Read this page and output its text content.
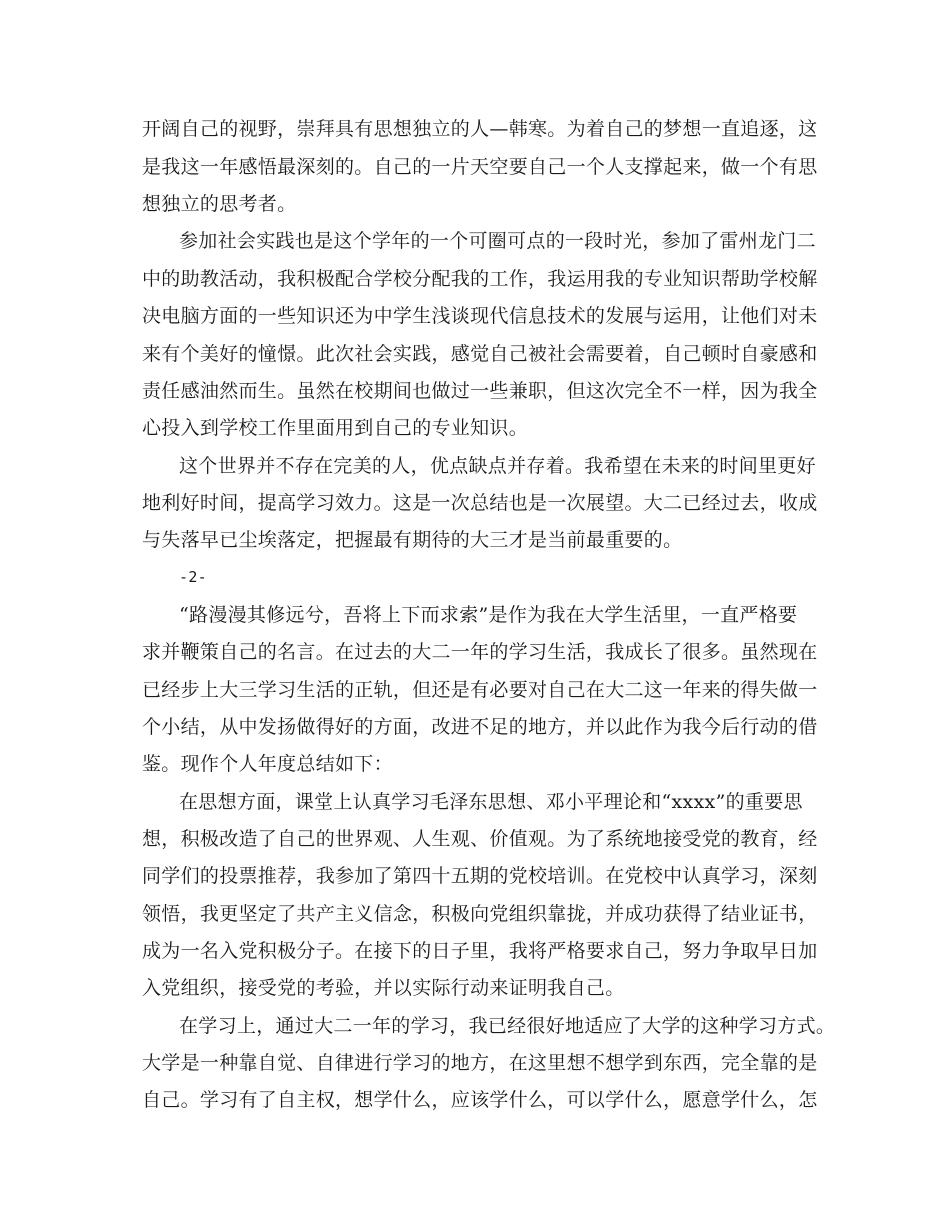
开阔自己的视野，崇拜具有思想独立的人—韩寒。为着自己的梦想一直追逐，这
是我这一年感悟最深刻的。自己的一片天空要自己一个人支撑起来，做一个有思
想独立的思考者。
参加社会实践也是这个学年的一个可圈可点的一段时光，参加了雷州龙门二
中的助教活动，我积极配合学校分配我的工作，我运用我的专业知识帮助学校解
决电脑方面的一些知识还为中学生浅谈现代信息技术的发展与运用，让他们对未
来有个美好的憧憬。此次社会实践，感觉自己被社会需要着，自己顿时自豪感和
责任感油然而生。虽然在校期间也做过一些兼职，但这次完全不一样，因为我全
心投入到学校工作里面用到自己的专业知识。
这个世界并不存在完美的人，优点缺点并存着。我希望在未来的时间里更好
地利好时间，提高学习效力。这是一次总结也是一次展望。大二已经过去，收成
与失落早已尘埃落定，把握最有期待的大三才是当前最重要的。
-2-
“路漫漫其修远兮，吾将上下而求索”是作为我在大学生活里，一直严格要
求并鞭策自己的名言。在过去的大二一年的学习生活，我成长了很多。虽然现在
已经步上大三学习生活的正轨，但还是有必要对自己在大二这一年来的得失做一
个小结，从中发扬做得好的方面，改进不足的地方，并以此作为我今后行动的借
鉴。现作个人年度总结如下：
在思想方面，课堂上认真学习毛泽东思想、邓小平理论和“xxxx”的重要思
想，积极改造了自己的世界观、人生观、价值观。为了系统地接受党的教育，经
同学们的投票推荐，我参加了第四十五期的党校培训。在党校中认真学习，深刻
领悟，我更坚定了共产主义信念，积极向党组织靠拢，并成功获得了结业证书，
成为一名入党积极分子。在接下的日子里，我将严格要求自己，努力争取早日加
入党组织，接受党的考验，并以实际行动来证明我自己。
在学习上，通过大二一年的学习，我已经很好地适应了大学的这种学习方式。
大学是一种靠自觉、自律进行学习的地方，在这里想不想学到东西，完全靠的是
自己。学习有了自主权，想学什么，应该学什么，可以学什么，愿意学什么，怎
